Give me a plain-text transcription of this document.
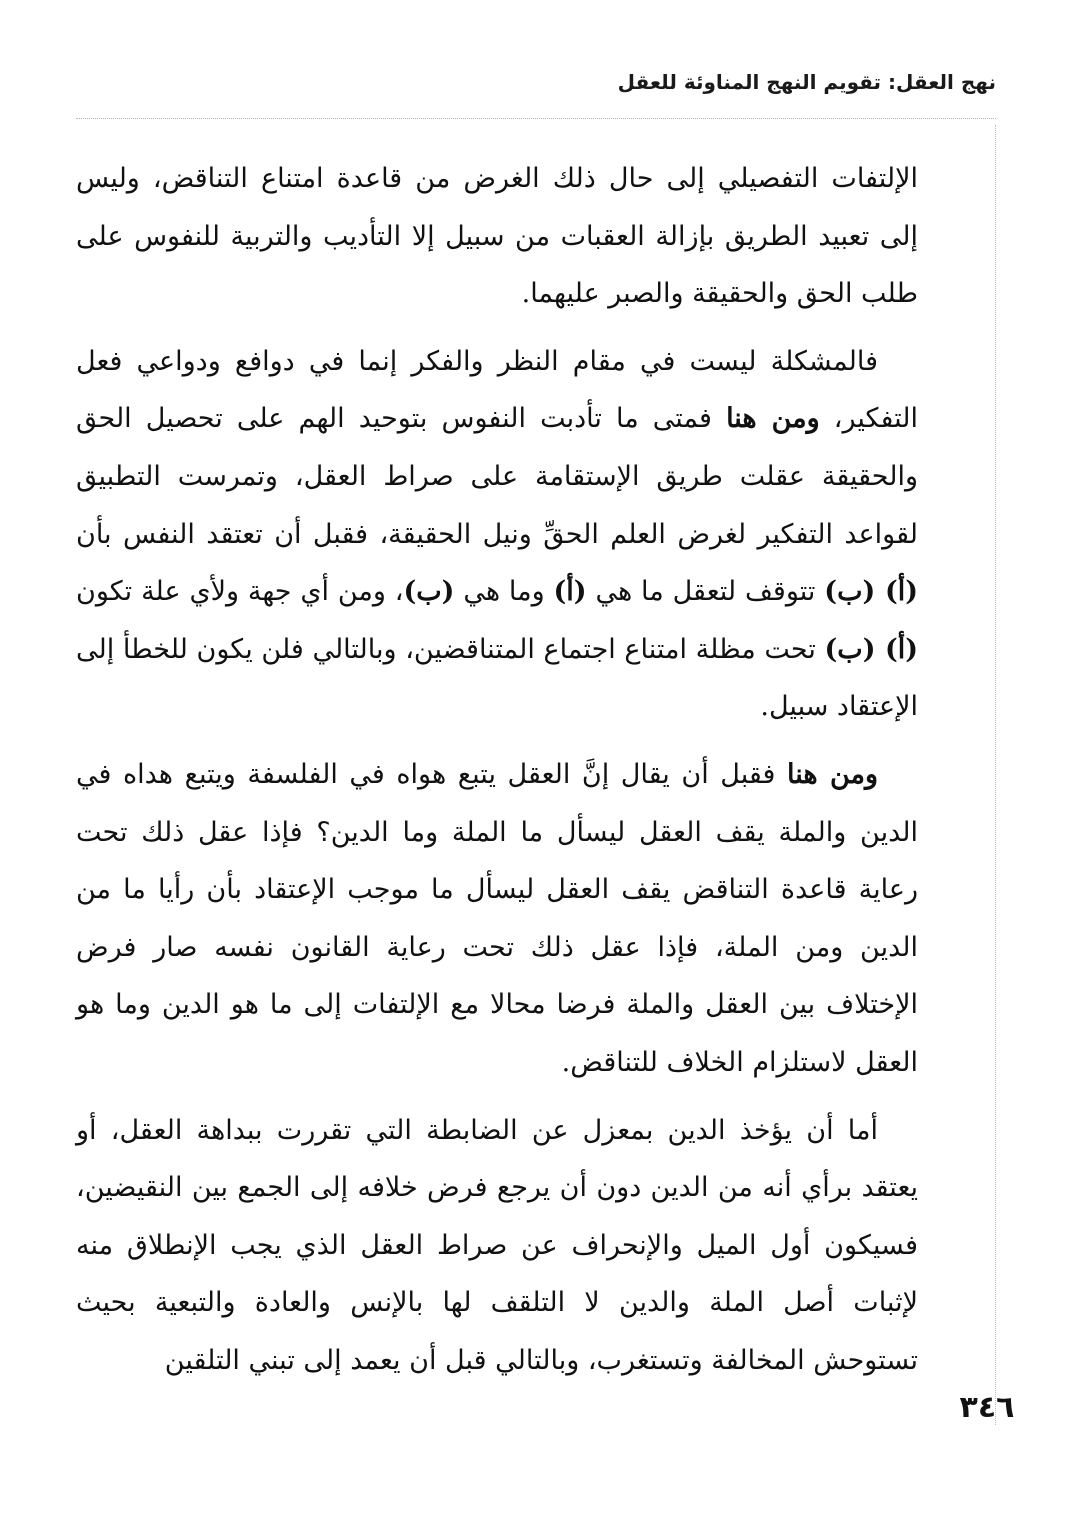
نهج العقل: تقويم النهج المناوئة للعقل

الإلتفات التفصيلي إلى حال ذلك الغرض من قاعدة امتناع التناقض، وليس إلى تعبيد الطريق بإزالة العقبات من سبيل إلا التأديب والتربية للنفوس على طلب الحق والحقيقة والصبر عليهما.

فالمشكلة ليست في مقام النظر والفكر إنما في دوافع ودواعي فعل التفكير، ومن هنا فمتى ما تأدبت النفوس بتوحيد الهم على تحصيل الحق والحقيقة عقلت طريق الإستقامة على صراط العقل، وتمرست التطبيق لقواعد التفكير لغرض العلم الحقِّ ونيل الحقيقة، فقبل أن تعتقد النفس بأن (أ) (ب) تتوقف لتعقل ما هي (أ) وما هي (ب)، ومن أي جهة ولأي علة تكون (أ) (ب) تحت مظلة امتناع اجتماع المتناقضين، وبالتالي فلن يكون للخطأ إلى الإعتقاد سبيل.

ومن هنا فقبل أن يقال إنَّ العقل يتبع هواه في الفلسفة ويتبع هداه في الدين والملة يقف العقل ليسأل ما الملة وما الدين؟ فإذا عقل ذلك تحت رعاية قاعدة التناقض يقف العقل ليسأل ما موجب الإعتقاد بأن رأيا ما من الدين ومن الملة، فإذا عقل ذلك تحت رعاية القانون نفسه صار فرض الإختلاف بين العقل والملة فرضا محالا مع الإلتفات إلى ما هو الدين وما هو العقل لاستلزام الخلاف للتناقض.

أما أن يؤخذ الدين بمعزل عن الضابطة التي تقررت ببداهة العقل، أو يعتقد برأي أنه من الدين دون أن يرجع فرض خلافه إلى الجمع بين النقيضين، فسيكون أول الميل والإنحراف عن صراط العقل الذي يجب الإنطلاق منه لإثبات أصل الملة والدين لا التلقف لها بالإنس والعادة والتبعية بحيث تستوحش المخالفة وتستغرب، وبالتالي قبل أن يعمد إلى تبني التلقين

٣٤٦
